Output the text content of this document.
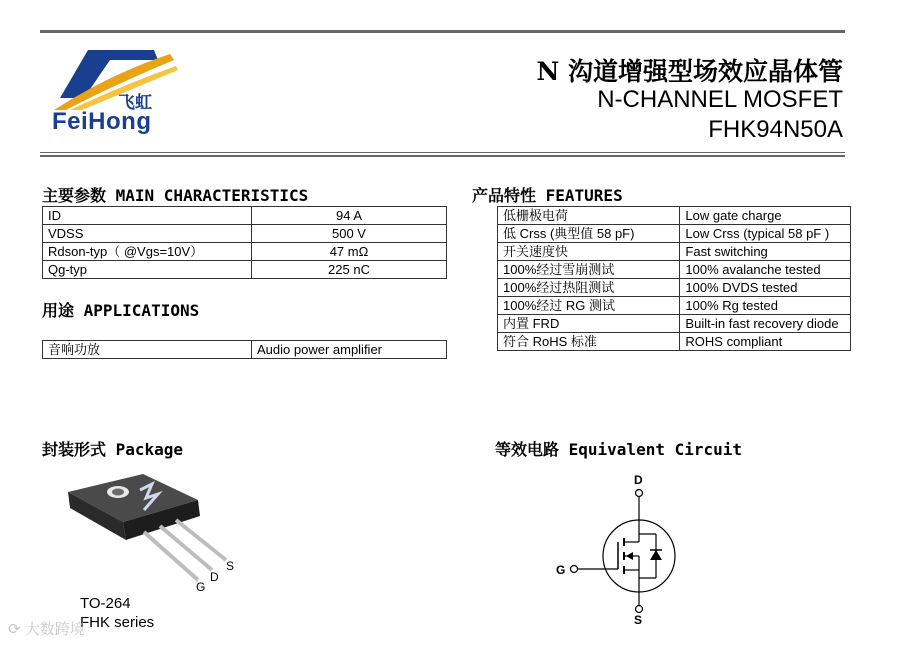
飞虹
FeiHong
N 沟道增强型场效应晶体管
N-CHANNEL MOSFET
FHK94N50A
主要参数 MAIN CHARACTERISTICS
ID	94 A
VDSS	500 V
Rdson-typ（ @Vgs=10V）	47 mΩ
Qg-typ	225 nC
用途 APPLICATIONS
音响功放	Audio power amplifier
产品特性 FEATURES
低栅极电荷	Low gate charge
低 Crss (典型值 58 pF)	Low Crss (typical 58 pF )
开关速度快	Fast switching
100%经过雪崩测试	100% avalanche tested
100%经过热阻测试	100% DVDS tested
100%经过 RG 测试	100% Rg tested
内置 FRD	Built-in fast recovery diode
符合 RoHS 标准	ROHS compliant
封装形式 Package
S
D
G
TO-264
FHK series
等效电路 Equivalent Circuit
D
G
S
⟳ 大数跨境
